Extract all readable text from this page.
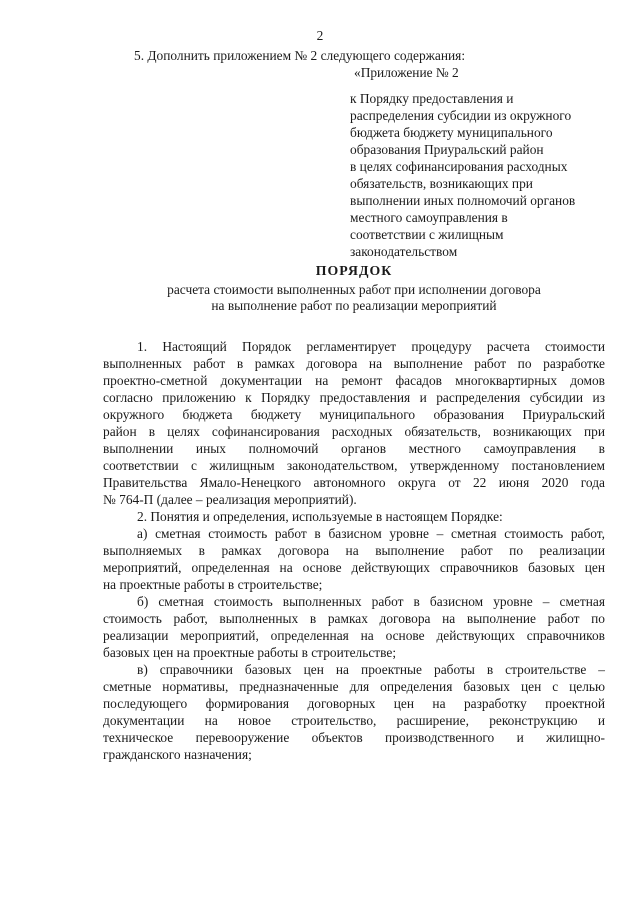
2
5. Дополнить приложением № 2 следующего содержания:
«Приложение № 2
к Порядку предоставления и
распределения субсидии из окружного
бюджета бюджету муниципального
образования Приуральский район
в целях софинансирования расходных
обязательств, возникающих при
выполнении иных полномочий органов
местного самоуправления в
соответствии с жилищным
законодательством
ПОРЯДОК
расчета стоимости выполненных работ при исполнении договора
на выполнение работ по реализации мероприятий
1. Настоящий Порядок регламентирует процедуру расчета стоимости
выполненных работ в рамках договора на выполнение работ по разработке
проектно-сметной документации на ремонт фасадов многоквартирных домов
согласно приложению к Порядку предоставления и распределения субсидии из
окружного бюджета бюджету муниципального образования Приуральский
район в целях софинансирования расходных обязательств, возникающих при
выполнении иных полномочий органов местного самоуправления в
соответствии с жилищным законодательством, утвержденному постановлением
Правительства Ямало-Ненецкого автономного округа от 22 июня 2020 года
№ 764-П (далее – реализация мероприятий).
2. Понятия и определения, используемые в настоящем Порядке:
а) сметная стоимость работ в базисном уровне – сметная стоимость работ,
выполняемых в рамках договора на выполнение работ по реализации
мероприятий, определенная на основе действующих справочников базовых цен
на проектные работы в строительстве;
б) сметная стоимость выполненных работ в базисном уровне – сметная
стоимость работ, выполненных в рамках договора на выполнение работ по
реализации мероприятий, определенная на основе действующих справочников
базовых цен на проектные работы в строительстве;
в) справочники базовых цен на проектные работы в строительстве –
сметные нормативы, предназначенные для определения базовых цен с целью
последующего формирования договорных цен на разработку проектной
документации на новое строительство, расширение, реконструкцию и
техническое перевооружение объектов производственного и жилищно-
гражданского назначения;
